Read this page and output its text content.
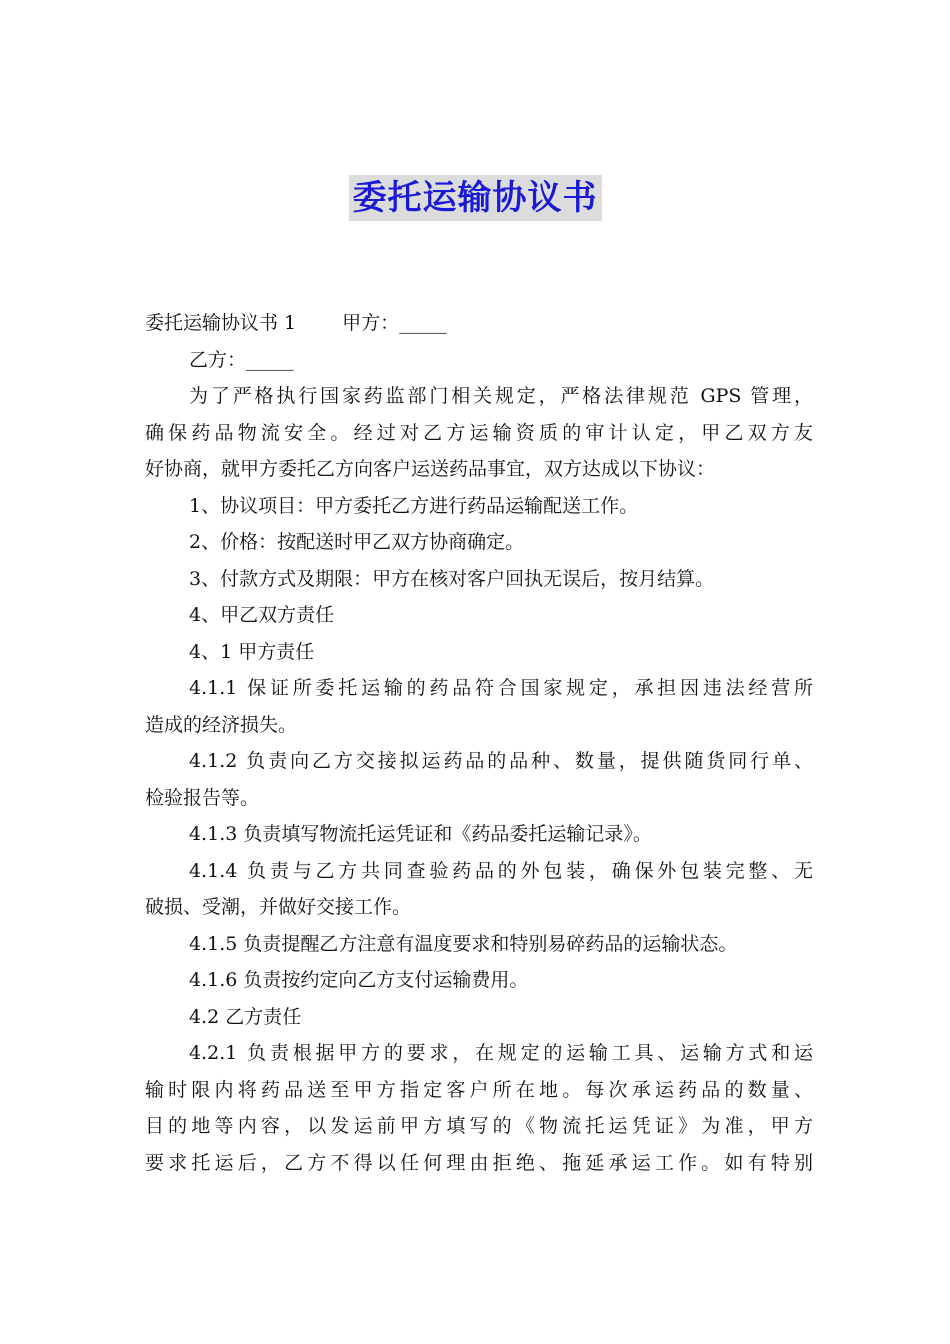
委托运输协议书
委托运输协议书 1 甲方：_____
乙方：_____
为了严格执行国家药监部门相关规定，严格法律规范 GPS 管理，
确保药品物流安全。经过对乙方运输资质的审计认定，甲乙双方友
好协商，就甲方委托乙方向客户运送药品事宜，双方达成以下协议：
1、协议项目：甲方委托乙方进行药品运输配送工作。
2、价格：按配送时甲乙双方协商确定。
3、付款方式及期限：甲方在核对客户回执无误后，按月结算。
4、甲乙双方责任
4、1 甲方责任
4.1.1 保证所委托运输的药品符合国家规定，承担因违法经营所
造成的经济损失。
4.1.2 负责向乙方交接拟运药品的品种、数量，提供随货同行单、
检验报告等。
4.1.3 负责填写物流托运凭证和《药品委托运输记录》。
4.1.4 负责与乙方共同查验药品的外包装，确保外包装完整、无
破损、受潮，并做好交接工作。
4.1.5 负责提醒乙方注意有温度要求和特别易碎药品的运输状态。
4.1.6 负责按约定向乙方支付运输费用。
4.2 乙方责任
4.2.1 负责根据甲方的要求，在规定的运输工具、运输方式和运
输时限内将药品送至甲方指定客户所在地。每次承运药品的数量、
目的地等内容，以发运前甲方填写的《物流托运凭证》为准，甲方
要求托运后，乙方不得以任何理由拒绝、拖延承运工作。如有特别
